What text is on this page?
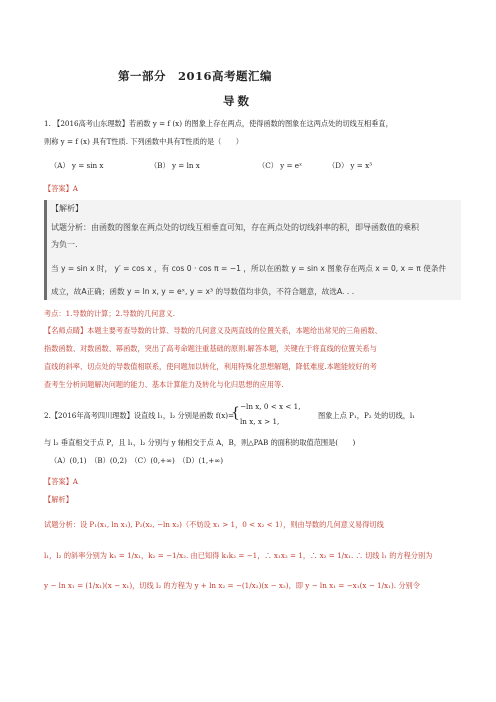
第一部分　2016高考题汇编
导数
1. 【2016高考山东理数】若函数 y = f (x) 的图象上存在两点，使得函数的图象在这两点处的切线互相垂直，
则称 y = f (x) 具有T性质. 下列函数中具有T性质的是（　　）
（A） y = sin x	（B） y = ln x	（C） y = eˣ	（D） y = x³
【答案】A
【解析】
试题分析：由函数的图象在两点处的切线互相垂直可知，存在两点处的切线斜率的积，即导函数值的乘积
为负一.
当 y = sin x 时， y′ = cos x ，有 cos 0 · cos π = −1 ，所以在函数 y = sin x 图象存在两点 x = 0, x = π 使条件
成立，故A正确；函数 y = ln x, y = eˣ, y = x³ 的导数值均非负，不符合题意，故选A. . .
考点：1.导数的计算；2.导数的几何意义.
【名师点睛】本题主要考查导数的计算、导数的几何意义及两直线的位置关系，本题给出常见的三角函数、
指数函数、对数函数、幂函数，突出了高考命题注重基础的原则.解答本题，关键在于将直线的位置关系与
直线的斜率、切点处的导数值相联系，使问题加以转化，利用特殊化思想解题，降低难度.本题能较好的考
查考生分析问题解决问题的能力、基本计算能力及转化与化归思想的应用等.
2.【2016年高考四川理数】设直线 l₁，l₂ 分别是函数 f(x)=
{ −ln x, 0 < x < 1,
ln x, x > 1,
图象上点 P₁，P₂ 处的切线，l₁
与 l₂ 垂直相交于点 P，且 l₁，l₂ 分别与 y 轴相交于点 A，B，则△PAB 的面积的取值范围是(　　)
（A）(0,1)　（B）(0,2)　（C）(0,+∞)　（D）(1,+∞)
【答案】A
【解析】
试题分析：设 P₁(x₁, ln x₁), P₂(x₂, −ln x₂)（不妨设 x₁ > 1，0 < x₂ < 1），则由导数的几何意义易得切线
l₁，l₂ 的斜率分别为 k₁ = 1/x₁，k₂ = −1/x₂. 由已知得 k₁k₂ = −1，∴ x₁x₂ = 1，∴ x₂ = 1/x₁. ∴ 切线 l₁ 的方程分别为
y − ln x₁ = (1/x₁)(x − x₁)，切线 l₂ 的方程为 y + ln x₂ = −(1/x₂)(x − x₂)，即 y − ln x₁ = −x₁(x − 1/x₁). 分别令
